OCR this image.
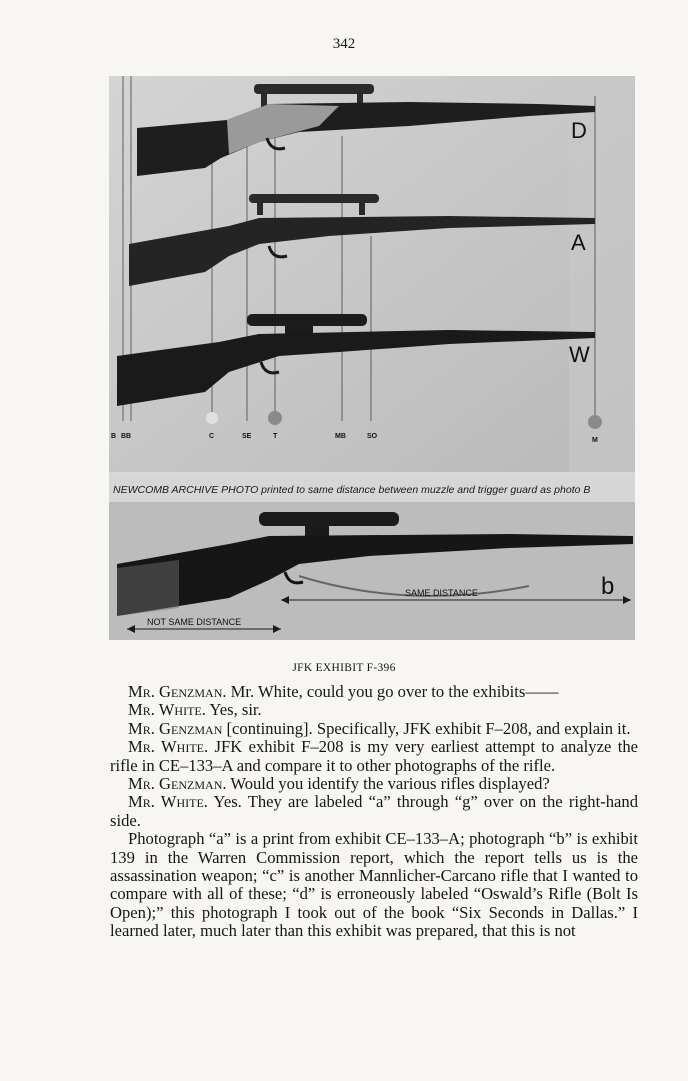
342
D
A
W
B BB	C	SE	T	MB	SO
M
NEWCOMB ARCHIVE PHOTO printed to same distance between muzzle and trigger guard as photo B
SAME DISTANCE
NOT SAME DISTANCE
b
JFK EXHIBIT F-396

Mr. Genzman. Mr. White, could you go over to the exhibits——

Mr. White. Yes, sir.

Mr. Genzman [continuing]. Specifically, JFK exhibit F–208, and explain it.

Mr. White. JFK exhibit F–208 is my very earliest attempt to analyze the rifle in CE–133–A and compare it to other photographs of the rifle.

Mr. Genzman. Would you identify the various rifles displayed?

Mr. White. Yes. They are labeled “a” through “g” over on the right-hand side.

Photograph “a” is a print from exhibit CE–133–A; photograph “b” is exhibit 139 in the Warren Commission report, which the report tells us is the assassination weapon; “c” is another Mannlicher-Carcano rifle that I wanted to compare with all of these; “d” is erroneously labeled “Oswald’s Rifle (Bolt Is Open);” this photograph I took out of the book “Six Seconds in Dallas.” I learned later, much later than this exhibit was prepared, that this is not
